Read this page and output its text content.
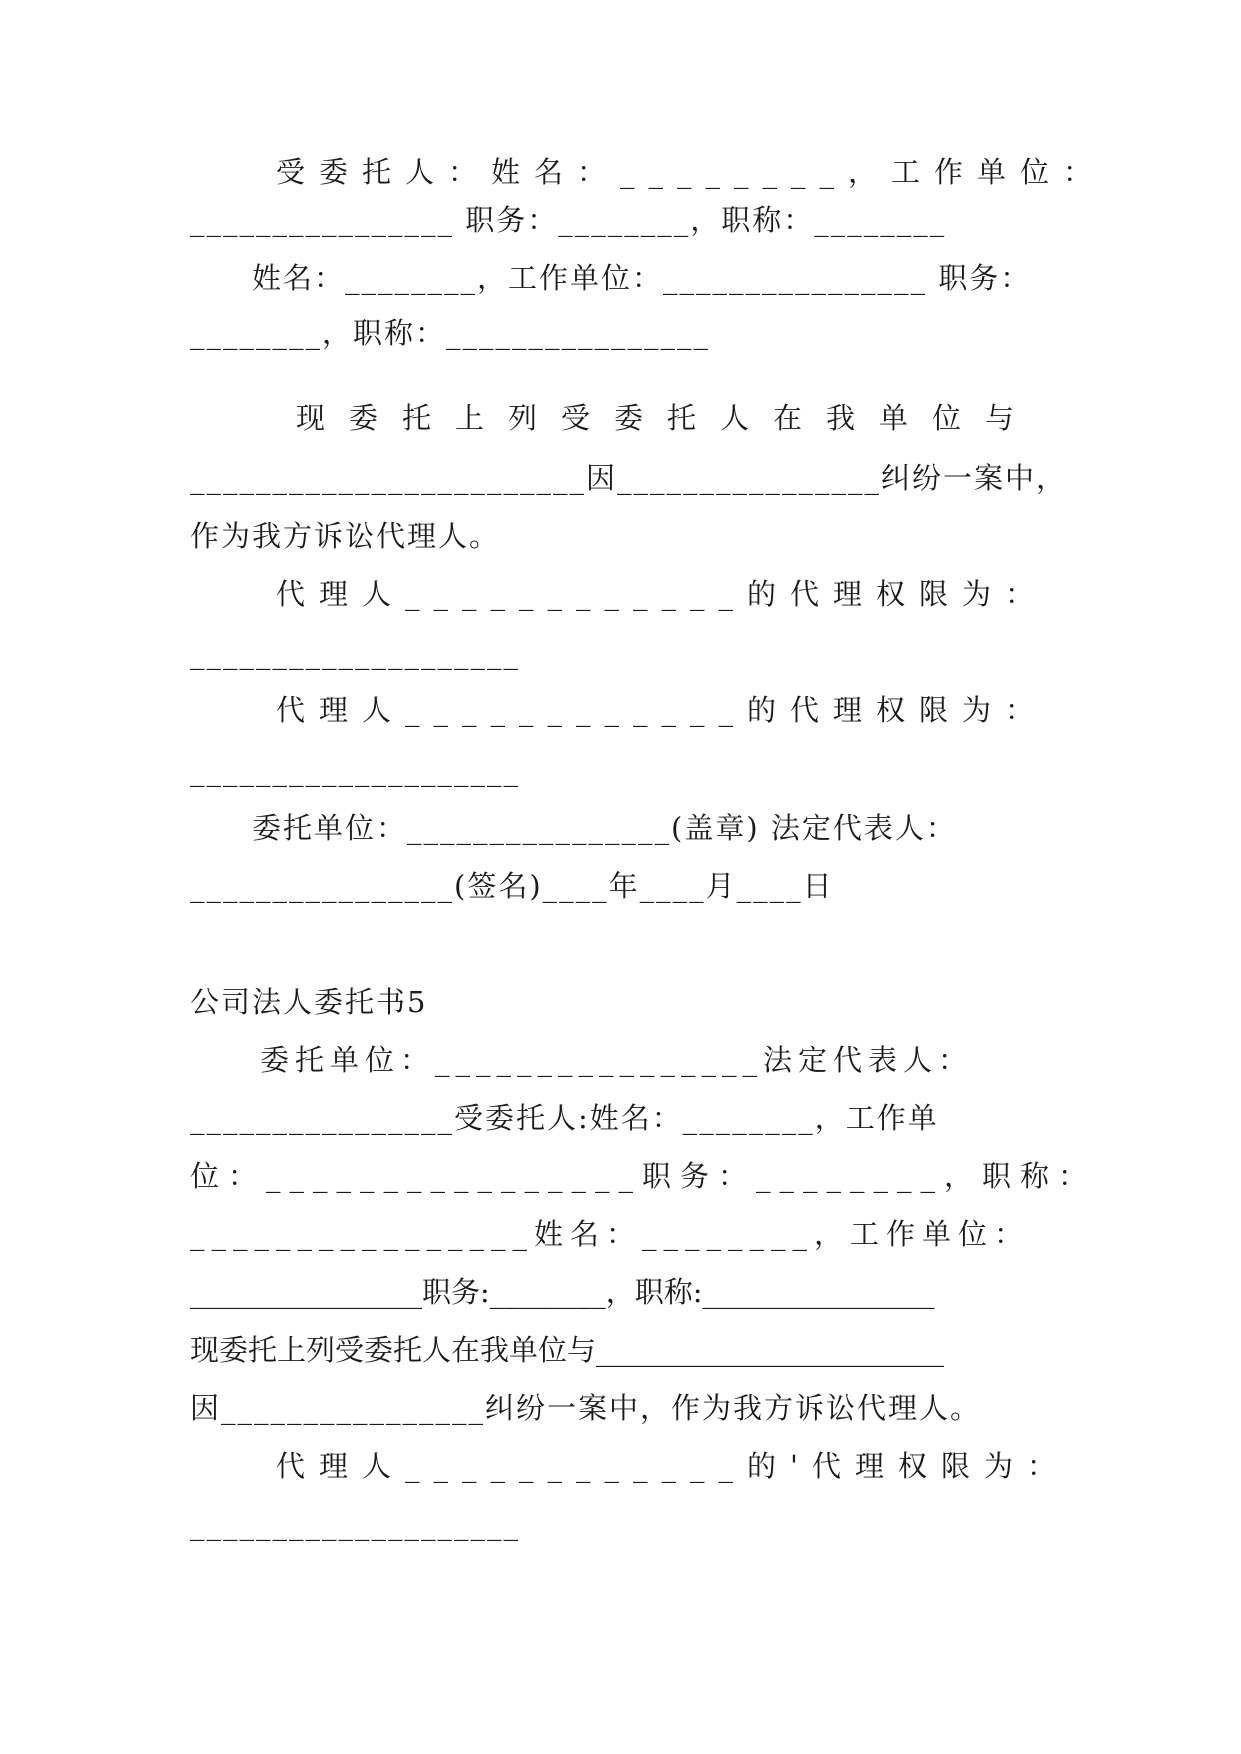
　　受委托人：姓名：________，工作单位：
________________ 职务：________，职称：________
　　姓名：________，工作单位：________________ 职务：
________，职称：________________
　　现委托上列受委托人在我单位与
________________________因________________纠纷一案中，
作为我方诉讼代理人。
　　代理人____________的代理权限为：
____________________
　　代理人____________的代理权限为：
____________________
　　委托单位：________________(盖章) 法定代表人：
________________(签名)____年____月____日
公司法人委托书5
　　委托单位：________________法定代表人：
________________受委托人:姓名：________，工作单
位：________________职务：________，职称：
________________姓名：________，工作单位：
________________职务:________，职称:________________
现委托上列受委托人在我单位与________________________
因________________纠纷一案中，作为我方诉讼代理人。
　　代理人____________的'代理权限为：
____________________
